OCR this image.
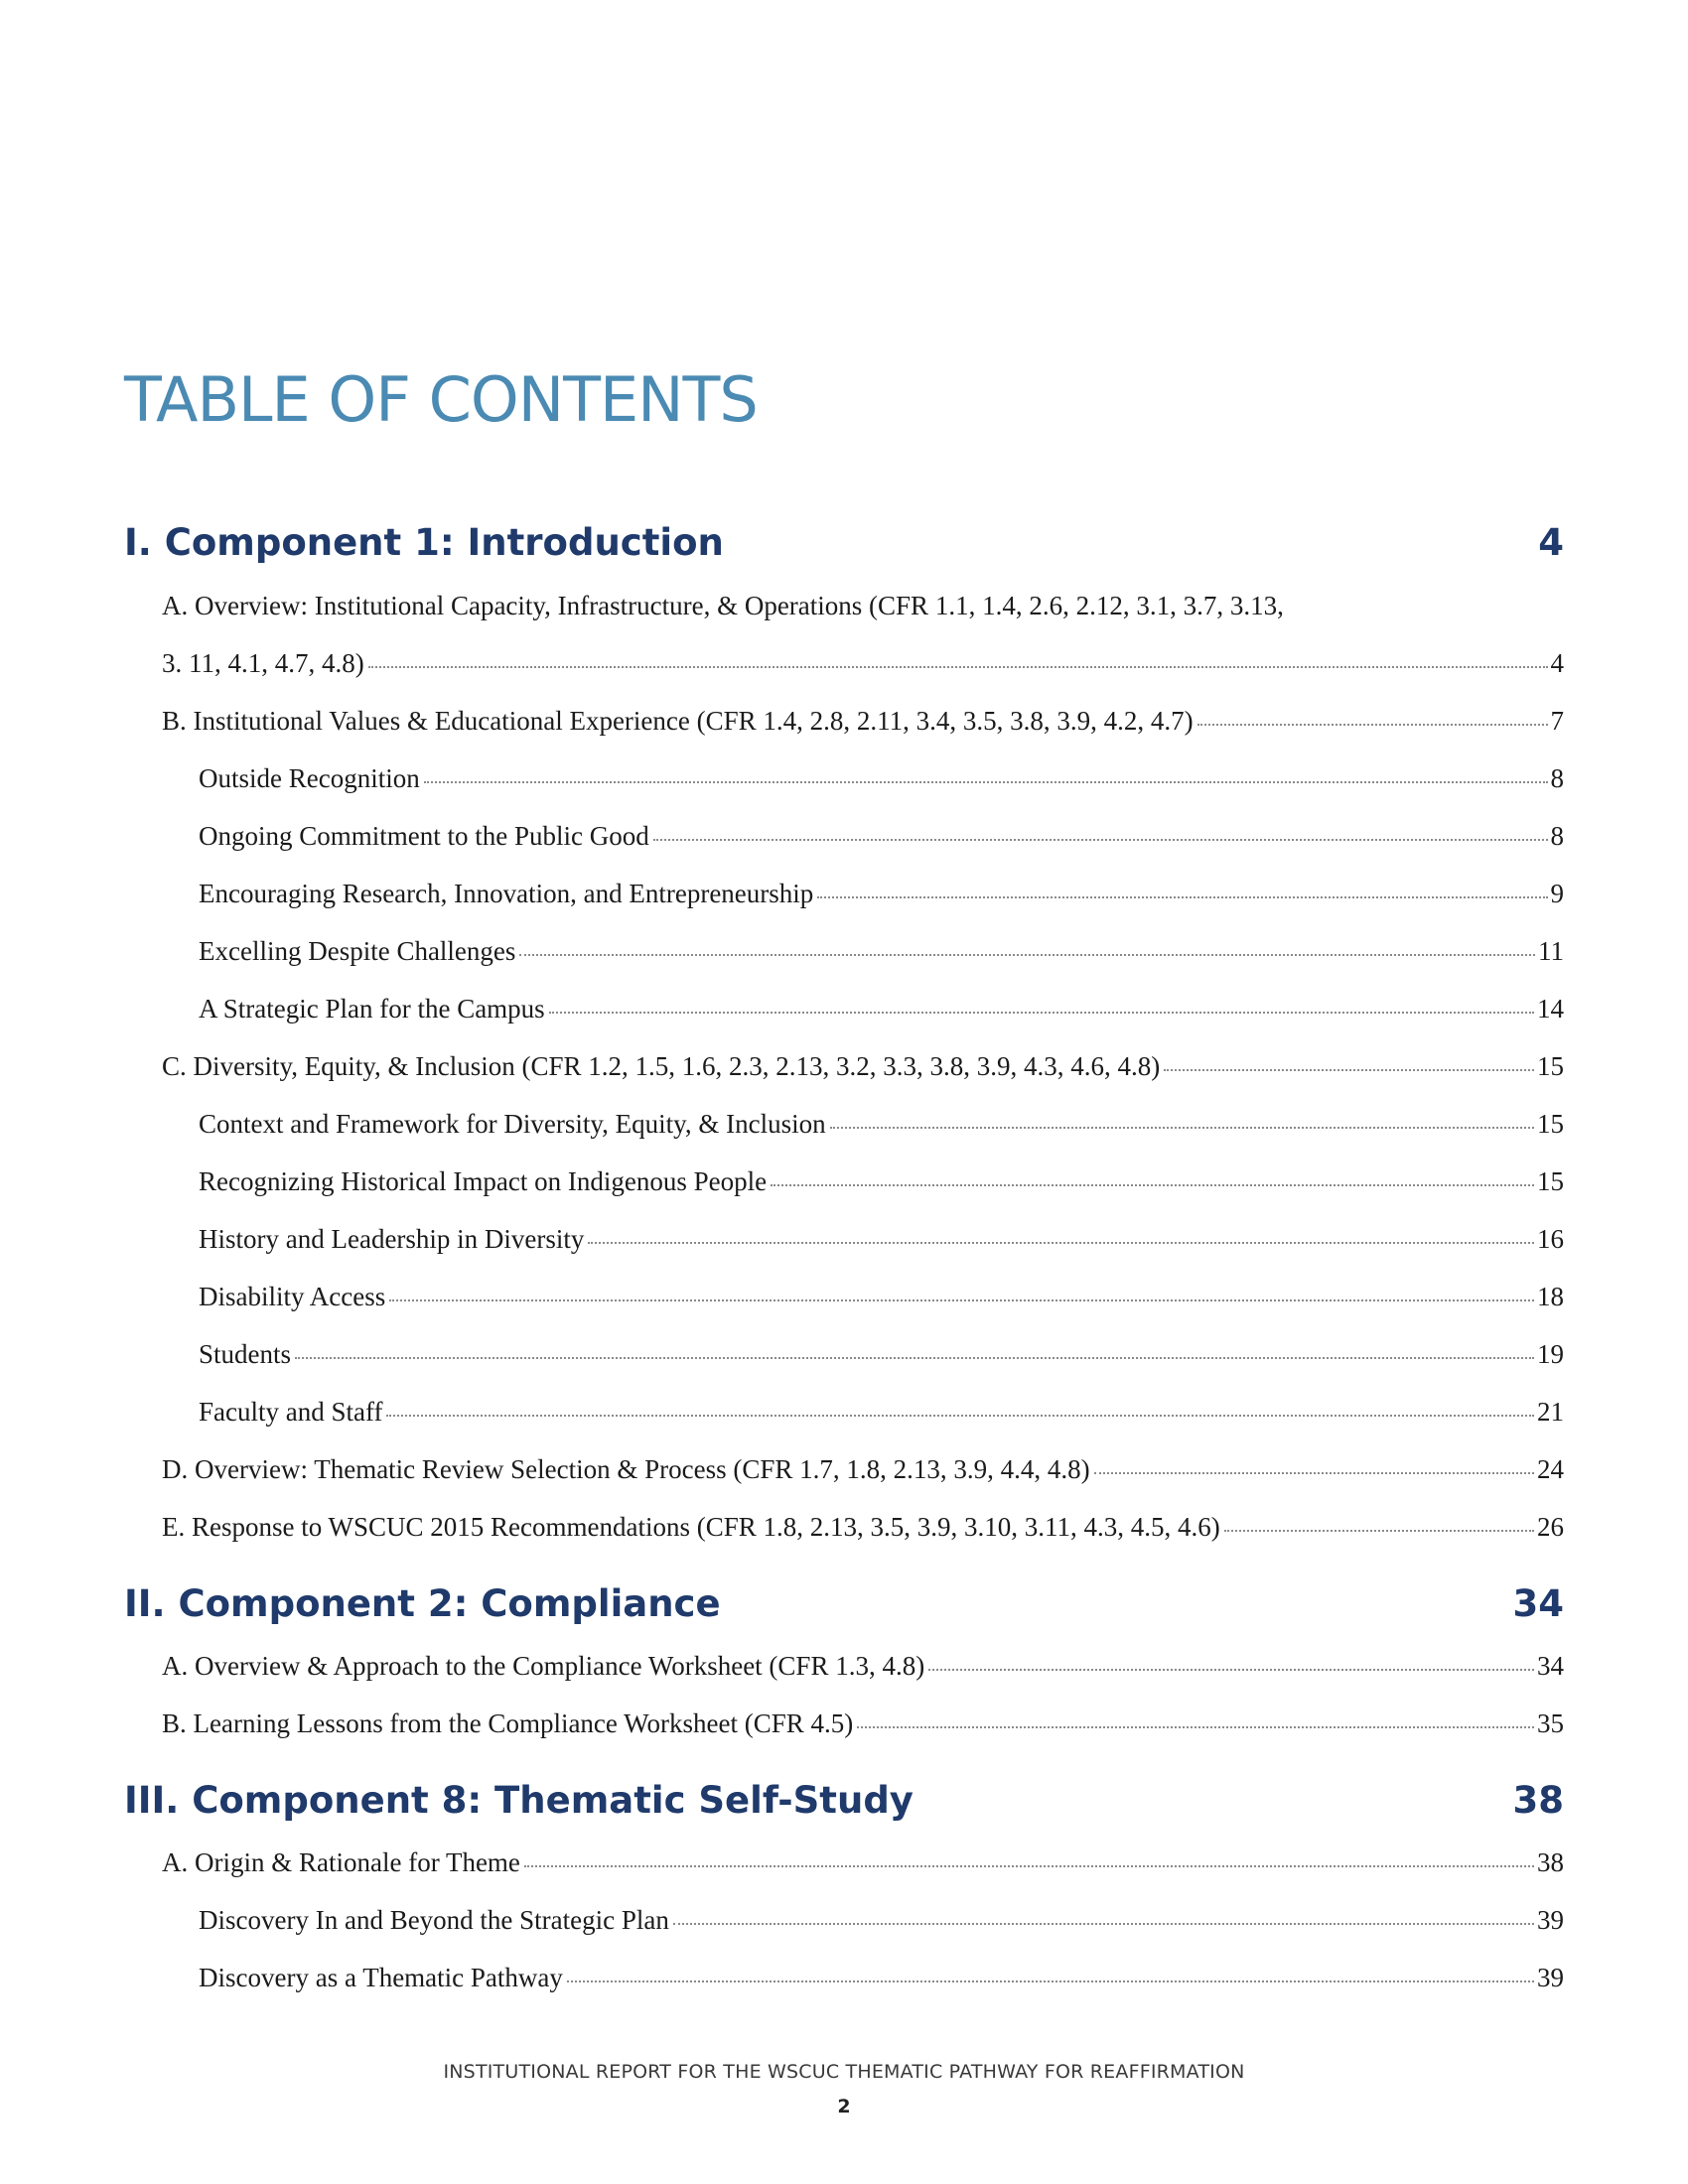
TABLE OF CONTENTS
I. Component 1: Introduction	4
A. Overview: Institutional Capacity, Infrastructure, & Operations (CFR 1.1, 1.4, 2.6, 2.12, 3.1, 3.7, 3.13,
3. 11, 4.1, 4.7, 4.8)	4
B. Institutional Values & Educational Experience (CFR 1.4, 2.8, 2.11, 3.4, 3.5, 3.8, 3.9, 4.2, 4.7)	7
Outside Recognition	8
Ongoing Commitment to the Public Good	8
Encouraging Research, Innovation, and Entrepreneurship	9
Excelling Despite Challenges	11
A Strategic Plan for the Campus	14
C. Diversity, Equity, & Inclusion (CFR 1.2, 1.5, 1.6, 2.3, 2.13, 3.2, 3.3, 3.8, 3.9, 4.3, 4.6, 4.8)	15
Context and Framework for Diversity, Equity, & Inclusion	15
Recognizing Historical Impact on Indigenous People	15
History and Leadership in Diversity	16
Disability Access	18
Students	19
Faculty and Staff	21
D. Overview: Thematic Review Selection & Process (CFR 1.7, 1.8, 2.13, 3.9, 4.4, 4.8)	24
E. Response to WSCUC 2015 Recommendations (CFR 1.8, 2.13, 3.5, 3.9, 3.10, 3.11, 4.3, 4.5, 4.6)	26
II. Component 2: Compliance	34
A. Overview & Approach to the Compliance Worksheet (CFR 1.3, 4.8)	34
B. Learning Lessons from the Compliance Worksheet (CFR 4.5)	35
III. Component 8: Thematic Self-Study	38
A. Origin & Rationale for Theme	38
Discovery In and Beyond the Strategic Plan	39
Discovery as a Thematic Pathway	39
INSTITUTIONAL REPORT FOR THE WSCUC THEMATIC PATHWAY FOR REAFFIRMATION
2
